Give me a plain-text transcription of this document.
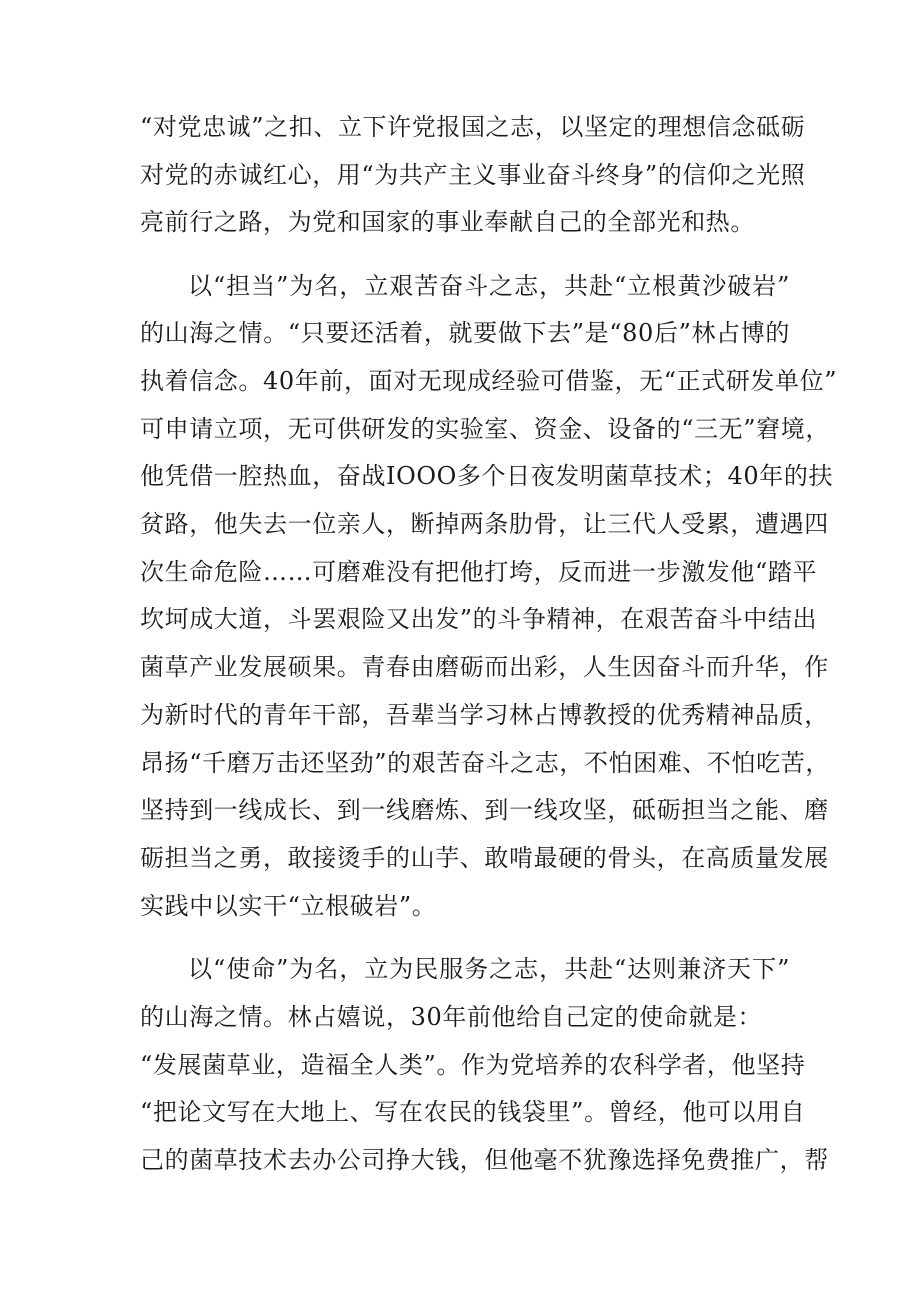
“对党忠诚”之扣、立下许党报国之志，以坚定的理想信念砥砺

对党的赤诚红心，用“为共产主义事业奋斗终身”的信仰之光照

亮前行之路，为党和国家的事业奉献自己的全部光和热。

以“担当”为名，立艰苦奋斗之志，共赴“立根黄沙破岩”

的山海之情。“只要还活着，就要做下去”是“80后”林占博的

执着信念。40年前，面对无现成经验可借鉴，无“正式研发单位”

可申请立项，无可供研发的实验室、资金、设备的“三无”窘境，

他凭借一腔热血，奋战IOOO多个日夜发明菌草技术；40年的扶

贫路，他失去一位亲人，断掉两条肋骨，让三代人受累，遭遇四

次生命危险……可磨难没有把他打垮，反而进一步激发他“踏平

坎坷成大道，斗罢艰险又出发”的斗争精神，在艰苦奋斗中结出

菌草产业发展硕果。青春由磨砺而出彩，人生因奋斗而升华，作

为新时代的青年干部，吾辈当学习林占博教授的优秀精神品质，

昂扬“千磨万击还坚劲”的艰苦奋斗之志，不怕困难、不怕吃苦，

坚持到一线成长、到一线磨炼、到一线攻坚，砥砺担当之能、磨

砺担当之勇，敢接烫手的山芋、敢啃最硬的骨头，在高质量发展

实践中以实干“立根破岩”。

以“使命”为名，立为民服务之志，共赴“达则兼济天下”

的山海之情。林占嬉说，30年前他给自己定的使命就是：

“发展菌草业，造福全人类”。作为党培养的农科学者，他坚持

“把论文写在大地上、写在农民的钱袋里”。曾经，他可以用自

己的菌草技术去办公司挣大钱，但他毫不犹豫选择免费推广，帮
